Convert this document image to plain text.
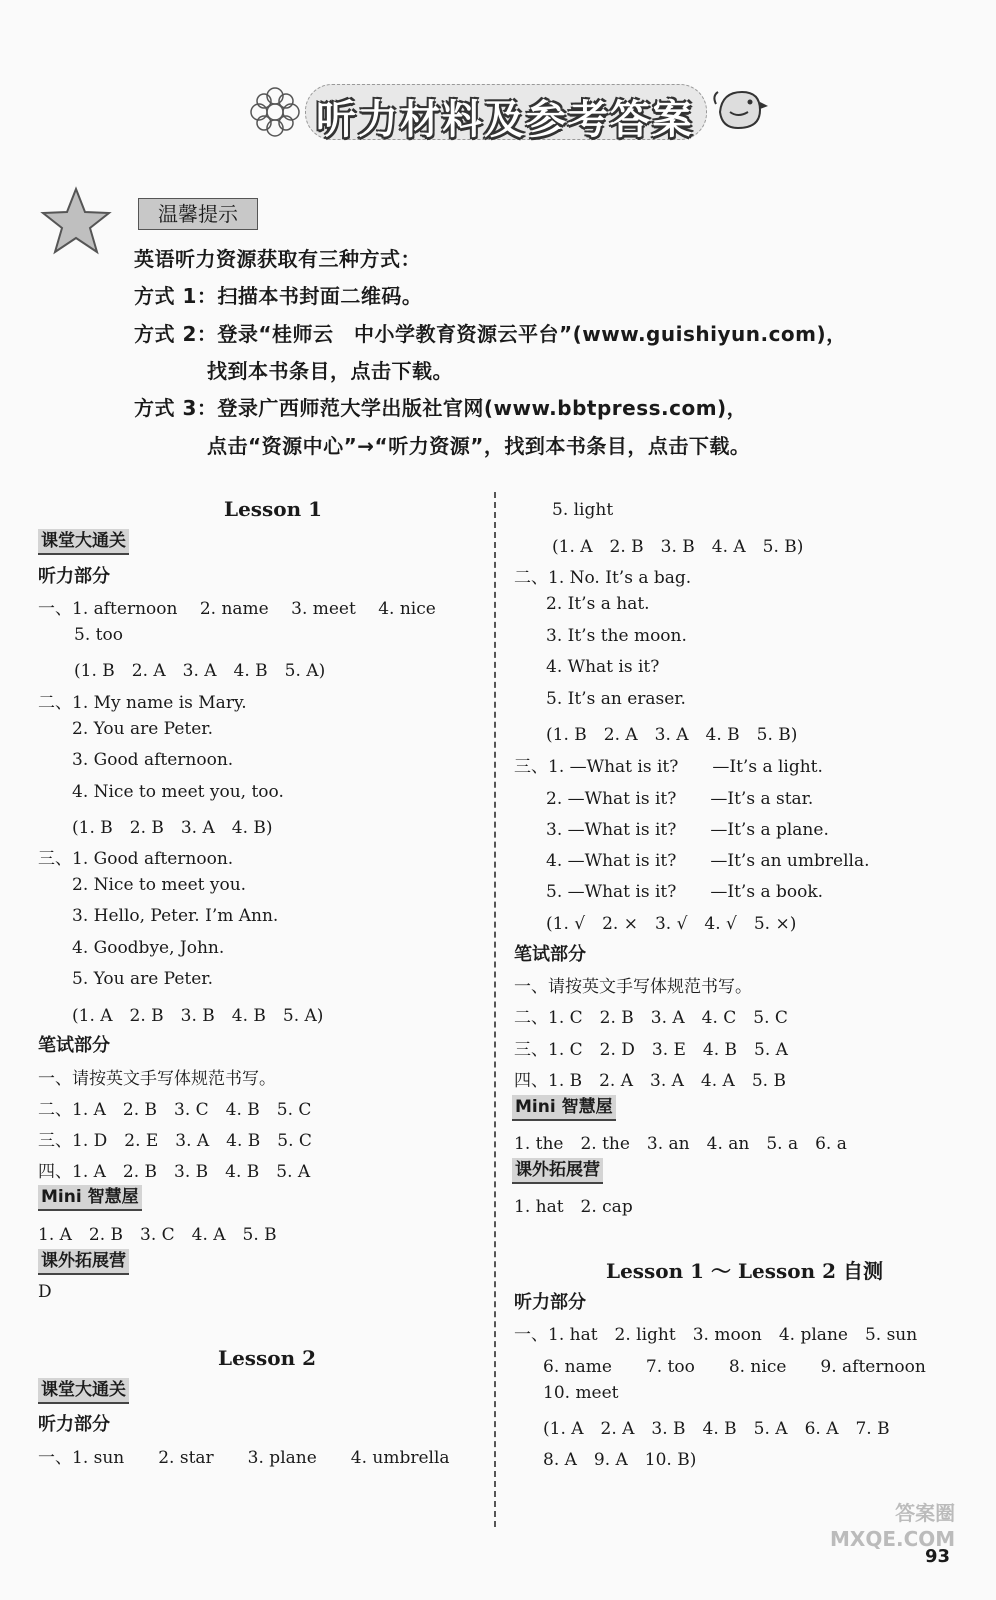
听力材料及参考答案
温馨提示
英语听力资源获取有三种方式：
方式 1：扫描本书封面二维码。
方式 2：登录“桂师云　中小学教育资源云平台”(www.guishiyun.com)，
找到本书条目，点击下载。
方式 3：登录广西师范大学出版社官网(www.bbtpress.com)，
点击“资源中心”→“听力资源”，找到本书条目，点击下载。
Lesson 1
课堂大通关
听力部分
一、1. afternoon　 2. name　 3. meet　 4. nice
5. too
(1. B　2. A　3. A　4. B　5. A)
二、1. My name is Mary.
2. You are Peter.
3. Good afternoon.
4. Nice to meet you, too.
(1. B　2. B　3. A　4. B)
三、1. Good afternoon.
2. Nice to meet you.
3. Hello, Peter. I’m Ann.
4. Goodbye, John.
5. You are Peter.
(1. A　2. B　3. B　4. B　5. A)
笔试部分
一、请按英文手写体规范书写。
二、1. A　2. B　3. C　4. B　5. C
三、1. D　2. E　3. A　4. B　5. C
四、1. A　2. B　3. B　4. B　5. A
Mini 智慧屋
1. A　2. B　3. C　4. A　5. B
课外拓展营
D
Lesson 2
课堂大通关
听力部分
一、1. sun　　2. star　　3. plane　　4. umbrella
5. light
(1. A　2. B　3. B　4. A　5. B)
二、1. No. It’s a bag.
2. It’s a hat.
3. It’s the moon.
4. What is it?
5. It’s an eraser.
(1. B　2. A　3. A　4. B　5. B)
三、1. —What is it?　　—It’s a light.
2. —What is it?　　—It’s a star.
3. —What is it?　　—It’s a plane.
4. —What is it?　　—It’s an umbrella.
5. —What is it?　　—It’s a book.
(1. √　2. ×　3. √　4. √　5. ×)
笔试部分
一、请按英文手写体规范书写。
二、1. C　2. B　3. A　4. C　5. C
三、1. C　2. D　3. E　4. B　5. A
四、1. B　2. A　3. A　4. A　5. B
Mini 智慧屋
1. the　2. the　3. an　4. an　5. a　6. a
课外拓展营
1. hat　2. cap
Lesson 1 ～ Lesson 2 自测
听力部分
一、1. hat　2. light　3. moon　4. plane　5. sun
6. name　　7. too　　8. nice　　9. afternoon
10. meet
(1. A　2. A　3. B　4. B　5. A　6. A　7. B
8. A　9. A　10. B)
答案圈
MXQE.COM
93
